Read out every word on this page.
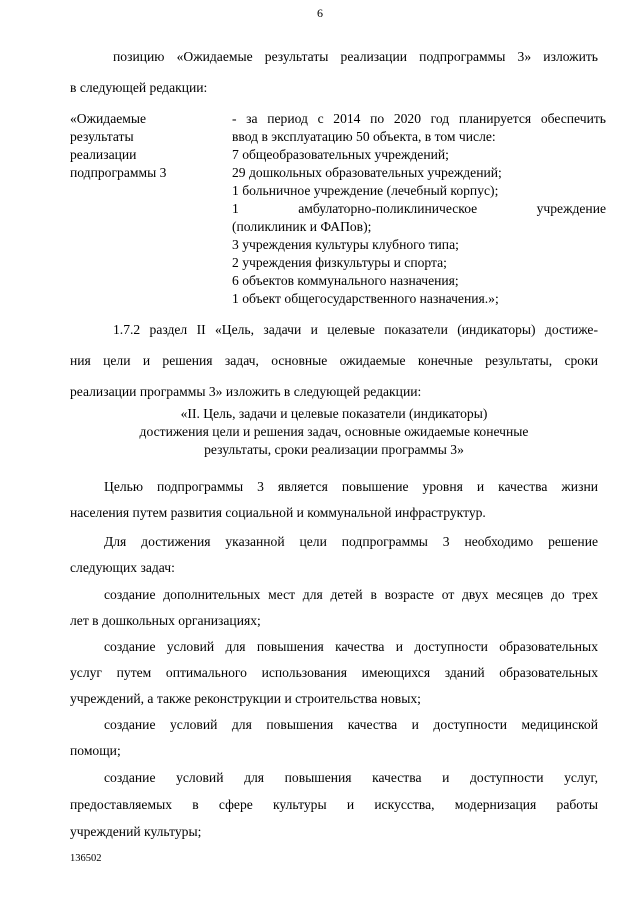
6
позицию «Ожидаемые результаты реализации подпрограммы 3» изложить
в следующей редакции:
«Ожидаемые
результаты
реализации
подпрограммы 3
- за период с 2014 по 2020 год планируется обеспечить
ввод в эксплуатацию 50 объекта, в том числе:
7 общеобразовательных учреждений;
29 дошкольных образовательных учреждений;
1 больничное учреждение (лечебный корпус);
1 амбулаторно-поликлиническое учреждение
(поликлиник и ФАПов);
3 учреждения культуры клубного типа;
2 учреждения физкультуры и спорта;
6 объектов коммунального назначения;
1 объект общегосударственного назначения.»;
1.7.2 раздел II «Цель, задачи и целевые показатели (индикаторы) достиже-
ния цели и решения задач, основные ожидаемые конечные результаты, сроки
реализации программы 3» изложить в следующей редакции:
«II. Цель, задачи и целевые показатели (индикаторы)
достижения цели и решения задач, основные ожидаемые конечные
результаты, сроки реализации программы 3»
Целью подпрограммы 3 является повышение уровня и качества жизни
населения путем развития социальной и коммунальной инфраструктур.
Для достижения указанной цели подпрограммы 3 необходимо решение
следующих задач:
создание дополнительных мест для детей в возрасте от двух месяцев до трех
лет в дошкольных организациях;
создание условий для повышения качества и доступности образовательных
услуг путем оптимального использования имеющихся зданий образовательных
учреждений, а также реконструкции и строительства новых;
создание условий для повышения качества и доступности медицинской
помощи;
создание условий для повышения качества и доступности услуг,
предоставляемых в сфере культуры и искусства, модернизация работы
учреждений культуры;
136502
